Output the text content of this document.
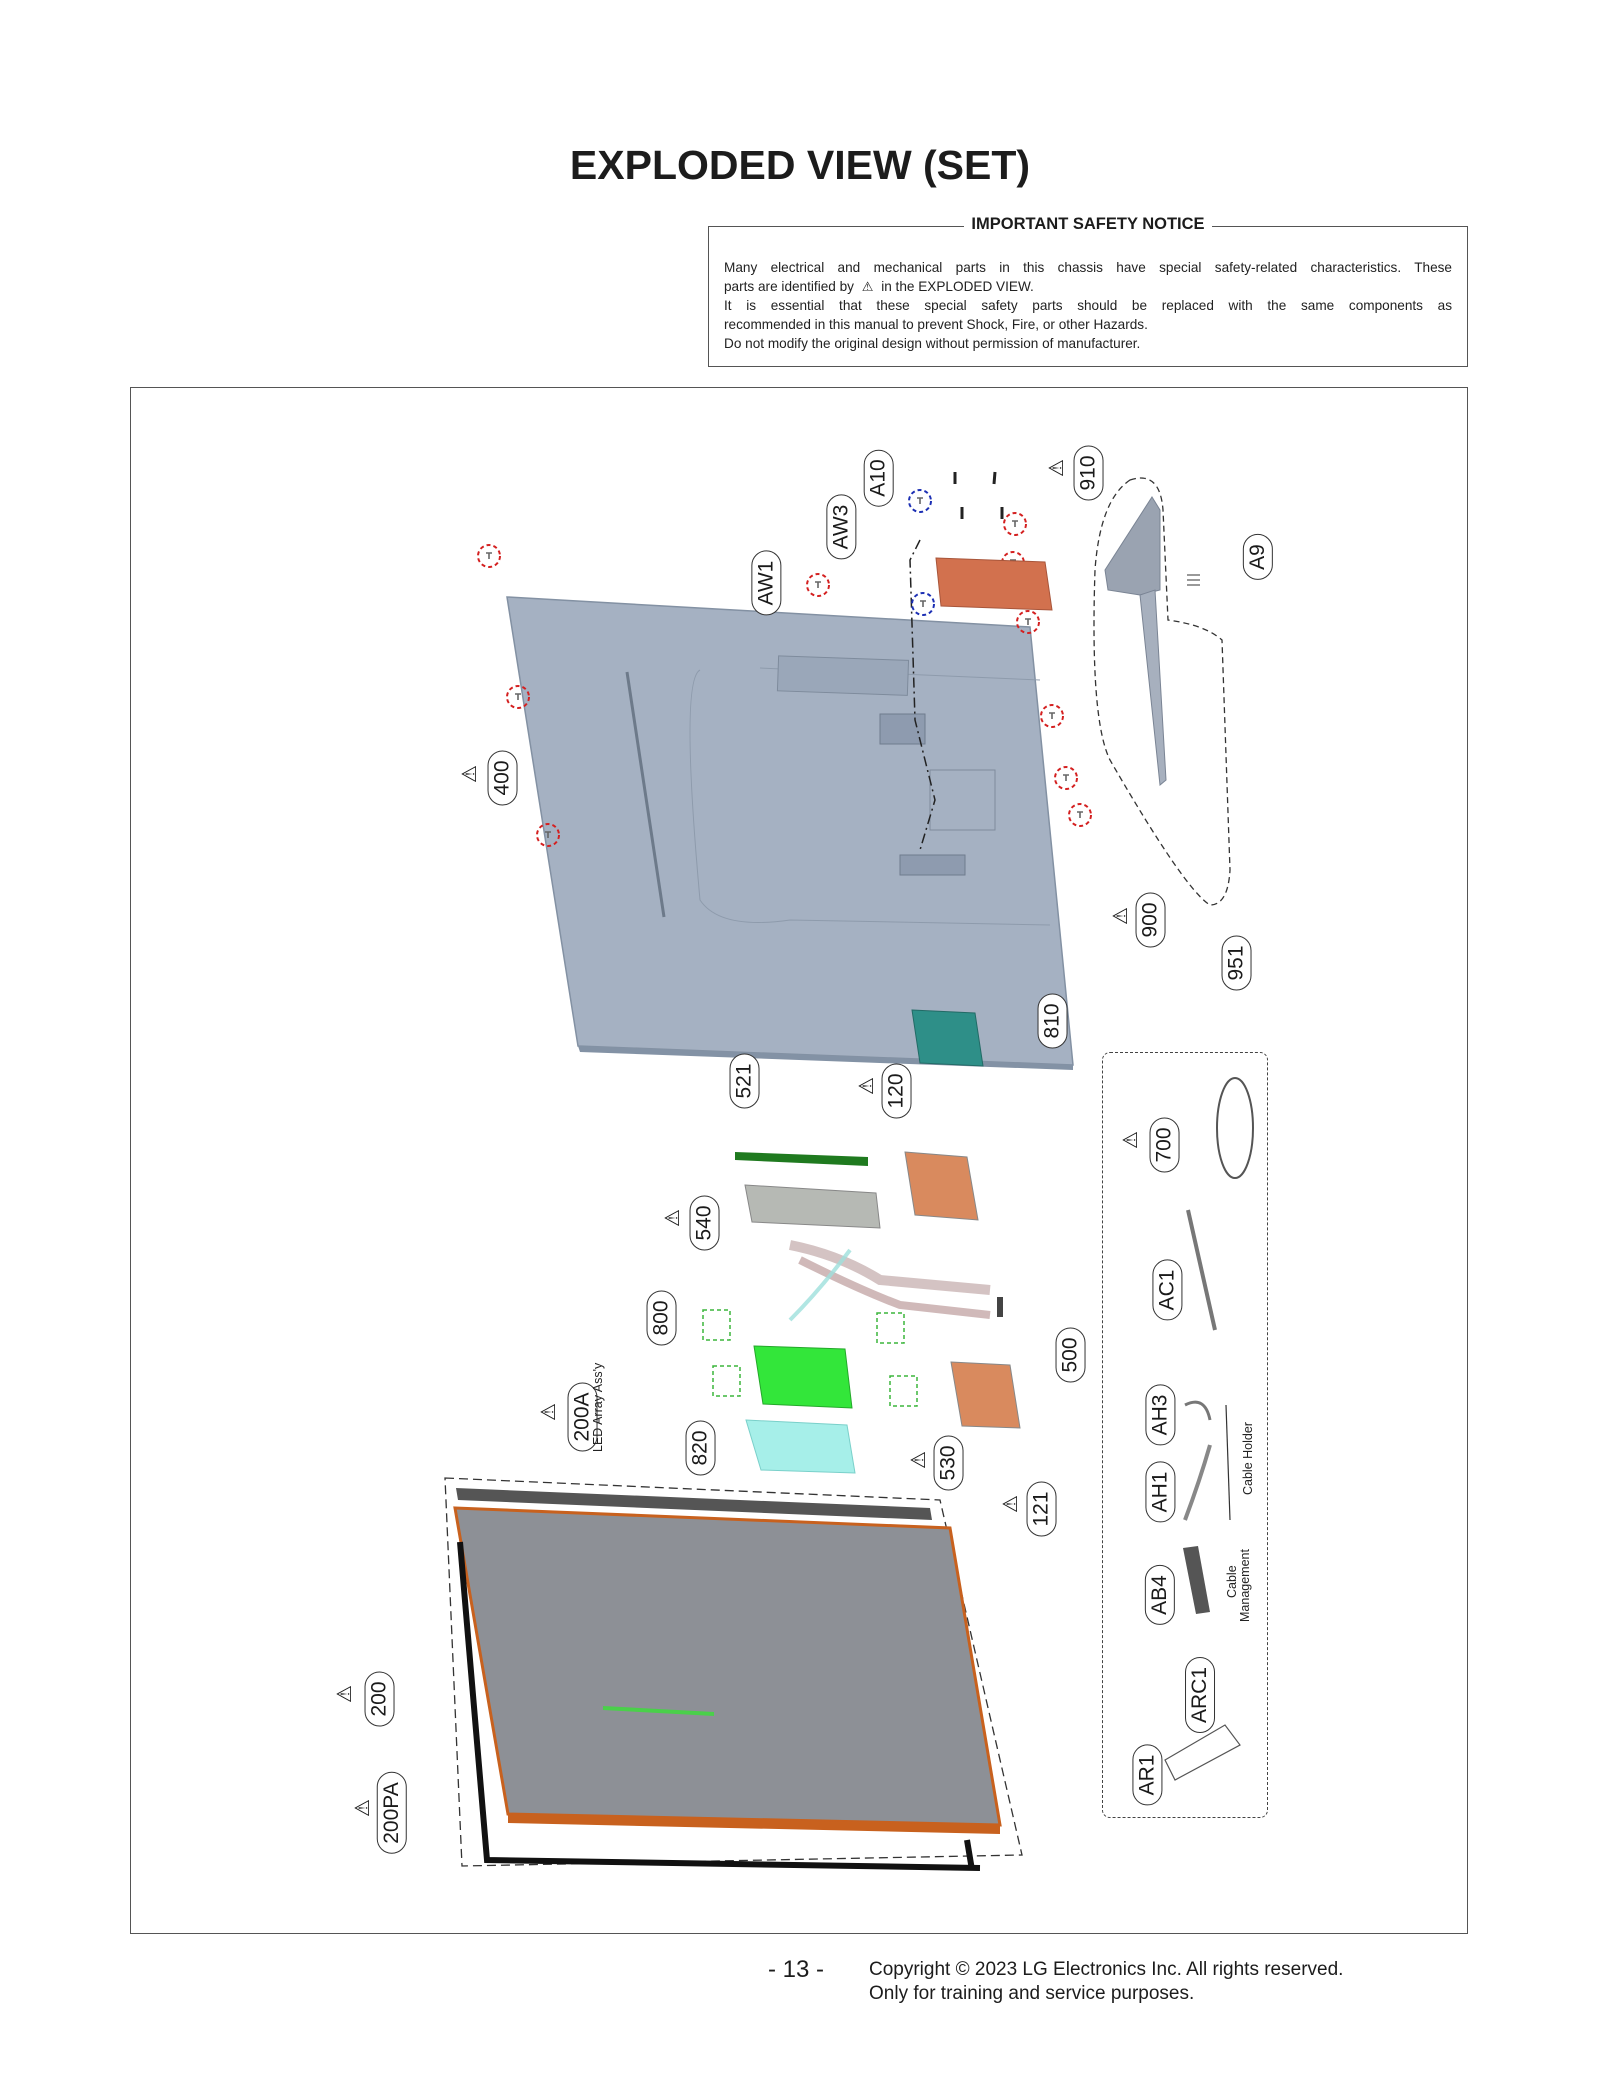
EXPLODED VIEW (SET)
IMPORTANT SAFETY NOTICE
Many electrical and mechanical parts in this chassis have special safety-related characteristics. These
parts are identified by ⚠ in the EXPLODED VIEW.
It is essential that these special safety parts should be replaced with the same components as
recommended in this manual to prevent Shock, Fire, or other Hazards.
Do not modify the original design without permission of manufacturer.
A10
AW3
AW1
⚠ 910
A9
⚠ 400
⚠ 900
951
810
521	⚠ 120
⚠ 540
800
500
⚠ 200A
LED Array Ass'y	820	⚠ 530
⚠ 121
⚠ 200
⚠ 200PA
⚠ 700
AC1
AH3
AH1	Cable Holder
AB4	Cable Management
ARC1
AR1
- 13 - Copyright © 2023 LG Electronics Inc. All rights reserved.
Only for training and service purposes.
